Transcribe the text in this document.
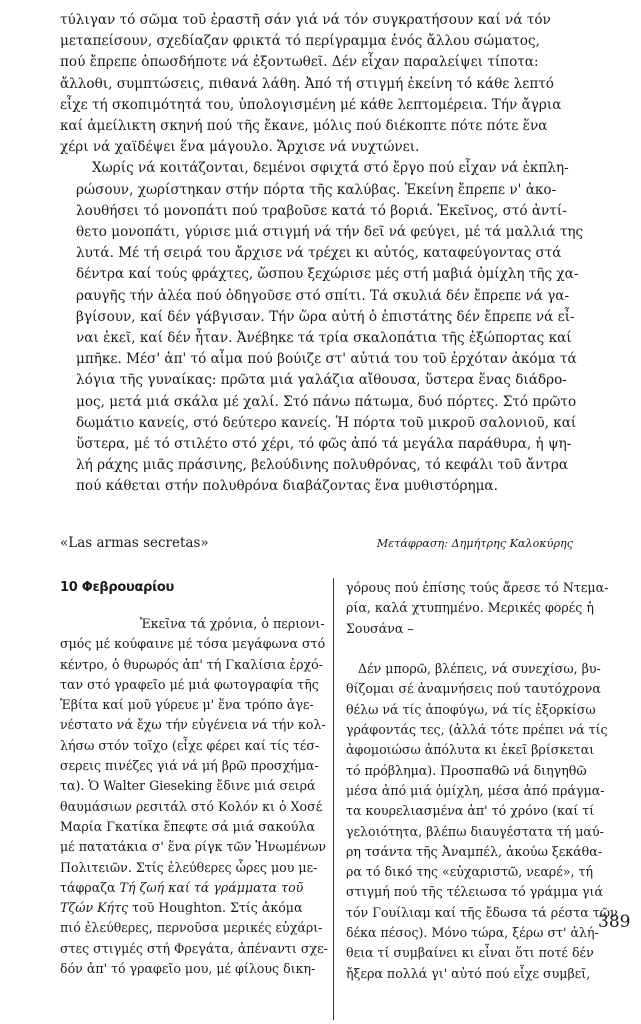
τύλιγαν τό σῶμα τοῦ ἐραστῆ σάν γιά νά τόν συγκρατήσουν καί νά τόν
μεταπείσουν, σχεδίαζαν φρικτά τό περίγραμμα ἑνός ἄλλου σώματος,
πού ἔπρεπε ὁπωσδήποτε νά ἐξοντωθεῖ. Δέν εἶχαν παραλείψει τίποτα:
ἄλλοθι, συμπτώσεις, πιθανά λάθη. Ἀπό τή στιγμή ἐκείνη τό κάθε λεπτό
εἶχε τή σκοπιμότητά του, ὑπολογισμένη μέ κάθε λεπτομέρεια. Τήν ἄγρια
καί ἀμείλικτη σκηνή πού τῆς ἔκανε, μόλις πού διέκοπτε πότε πότε ἕνα
χέρι νά χαϊδέψει ἕνα μάγουλο. Ἄρχισε νά νυχτώνει.
Χωρίς νά κοιτάζονται, δεμένοι σφιχτά στό ἔργο πού εἶχαν νά ἐκπλη-
ρώσουν, χωρίστηκαν στήν πόρτα τῆς καλύβας. Ἐκείνη ἔπρεπε ν' ἀκο-
λουθήσει τό μονοπάτι πού τραβοῦσε κατά τό βοριά. Ἐκεῖνος, στό ἀντί-
θετο μονοπάτι, γύρισε μιά στιγμή νά τήν δεῖ νά φεύγει, μέ τά μαλλιά της
λυτά. Μέ τή σειρά του ἄρχισε νά τρέχει κι αὐτός, καταφεύγοντας στά
δέντρα καί τούς φράχτες, ὥσπου ξεχώρισε μές στή μαβιά ὁμίχλη τῆς χα-
ραυγῆς τήν ἀλέα πού ὁδηγοῦσε στό σπίτι. Τά σκυλιά δέν ἔπρεπε νά γα-
βγίσουν, καί δέν γάβγισαν. Τήν ὥρα αὐτή ὁ ἐπιστάτης δέν ἔπρεπε νά εἶ-
ναι ἐκεῖ, καί δέν ἦταν. Ἀνέβηκε τά τρία σκαλοπάτια τῆς ἐξώπορτας καί
μπῆκε. Μέσ' ἀπ' τό αἷμα πού βούιζε στ' αὐτιά του τοῦ ἐρχόταν ἀκόμα τά
λόγια τῆς γυναίκας: πρῶτα μιά γαλάζια αἴθουσα, ὕστερα ἕνας διάδρο-
μος, μετά μιά σκάλα μέ χαλί. Στό πάνω πάτωμα, δυό πόρτες. Στό πρῶτο
δωμάτιο κανείς, στό δεύτερο κανείς. Ἡ πόρτα τοῦ μικροῦ σαλονιοῦ, καί
ὕστερα, μέ τό στιλέτο στό χέρι, τό φῶς ἀπό τά μεγάλα παράθυρα, ἡ ψη-
λή ράχης μιᾶς πράσινης, βελούδινης πολυθρόνας, τό κεφάλι τοῦ ἄντρα
πού κάθεται στήν πολυθρόνα διαβάζοντας ἕνα μυθιστόρημα.
«Las armas secretas»	Μετάφραση: Δημήτρης Καλοκύρης
10 Φεβρουαρίου
Ἐκεῖνα τά χρόνια, ὁ περιονι-
σμός μέ κούφαινε μέ τόσα μεγάφωνα στό
κέντρο, ὁ θυρωρός ἀπ' τή Γκαλίσια ἐρχό-
ταν στό γραφεῖο μέ μιά φωτογραφία τῆς
Ἐβίτα καί μοῦ γύρευε μ' ἕνα τρόπο ἀγε-
νέστατο νά ἔχω τήν εὐγένεια νά τήν κολ-
λήσω στόν τοῖχο (εἶχε φέρει καί τίς τέσ-
σερεις πινέζες γιά νά μή βρῶ προσχήμα-
τα). Ὁ Walter Gieseking ἔδινε μιά σειρά
θαυμάσιων ρεσιτάλ στό Κολόν κι ὁ Χοσέ
Μαρία Γκατίκα ἔπεφτε σά μιά σακούλα
μέ πατατάκια σ' ἕνα ρίγκ τῶν Ἡνωμένων
Πολιτειῶν. Στίς ἐλεύθερες ὧρες μου με-
τάφραζα Τή ζωή καί τά γράμματα τοῦ
Τζών Κήτς τοῦ Houghton. Στίς ἀκόμα
πιό ἐλεύθερες, περνοῦσα μερικές εὐχάρι-
στες στιγμές στή Φρεγάτα, ἀπέναντι σχε-
δόν ἀπ' τό γραφεῖο μου, μέ φίλους δικη-
γόρους πού ἐπίσης τούς ἄρεσε τό Ντεμα-
ρία, καλά χτυπημένο. Μερικές φορές ἡ
Σουσάνα –

Δέν μπορῶ, βλέπεις, νά συνεχίσω, βυ-
θίζομαι σέ ἀναμνήσεις πού ταυτόχρονα
θέλω νά τίς ἀποφύγω, νά τίς ἐξορκίσω
γράφοντάς τες, (ἀλλά τότε πρέπει νά τίς
ἀφομοιώσω ἀπόλυτα κι ἐκεῖ βρίσκεται
τό πρόβλημα). Προσπαθῶ νά διηγηθῶ
μέσα ἀπό μιά ὁμίχλη, μέσα ἀπό πράγμα-
τα κουρελιασμένα ἀπ' τό χρόνο (καί τί
γελοιότητα, βλέπω διαυγέστατα τή μαύ-
ρη τσάντα τῆς Ἀναμπέλ, ἀκούω ξεκάθα-
ρα τό δικό της «εὐχαριστῶ, νεαρέ», τή
στιγμή πού τῆς τέλειωσα τό γράμμα γιά
τόν Γουίλιαμ καί τῆς ἔδωσα τά ρέστα τῶν
δέκα πέσος). Μόνο τώρα, ξέρω στ' ἀλή-
θεια τί συμβαίνει κι εἶναι ὅτι ποτέ δέν
ἤξερα πολλά γι' αὐτό πού εἶχε συμβεῖ,
389
